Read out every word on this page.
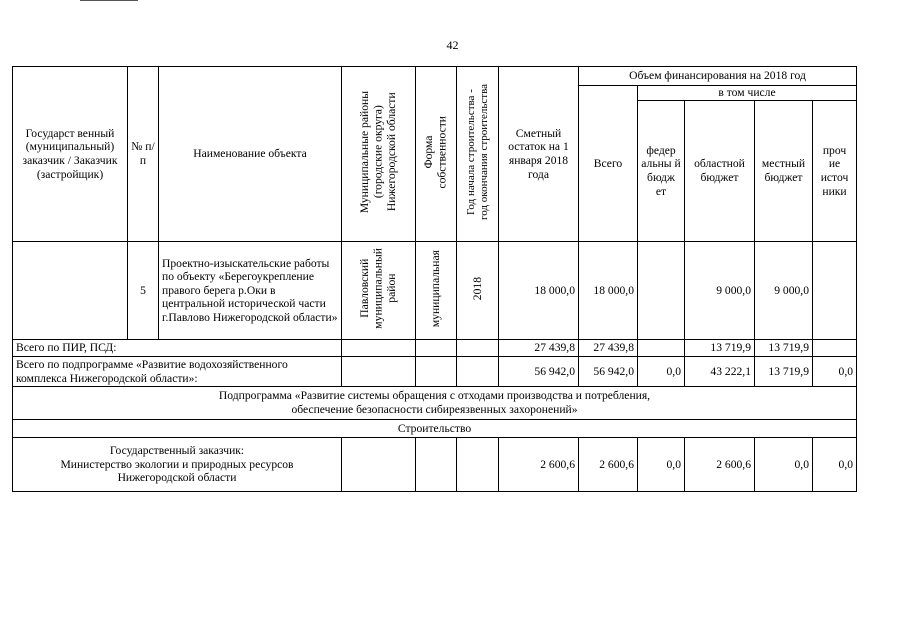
42
Государст венный (муниципальный) заказчик / Заказчик (застройщик)	№ п/п	Наименование объекта	Муниципальные районы
(городские округа)
Нижегородской области	Форма
собственности	Год начала строительства -
год окончания строительства	Сметный остаток на 1 января 2018 года	Объем финансирования на 2018 год				
							Всего	в том числе			
								федер альны й бюдж ет	областной бюджет	местный бюджет	проч ие источ ники
	5	Проектно-изыскательские работы по объекту «Берегоукрепление правого берега р.Оки в центральной исторической части г.Павлово Нижегородской области»	Павловский
муниципальный
район	муниципальная	2018	18 000,0	18 000,0		9 000,0	9 000,0	
Всего по ПИР, ПСД:						27 439,8	27 439,8		13 719,9	13 719,9	
Всего по подпрограмме «Развитие водохозяйственного комплекса Нижегородской области»:						56 942,0	56 942,0	0,0	43 222,1	13 719,9	0,0
Подпрограмма «Развитие системы обращения с отходами производства и потребления,
обеспечение безопасности сибиреязвенных захоронений»											
Строительство											
Государственный заказчик:
Министерство экологии и природных ресурсов
Нижегородской области						2 600,6	2 600,6	0,0	2 600,6	0,0	0,0
